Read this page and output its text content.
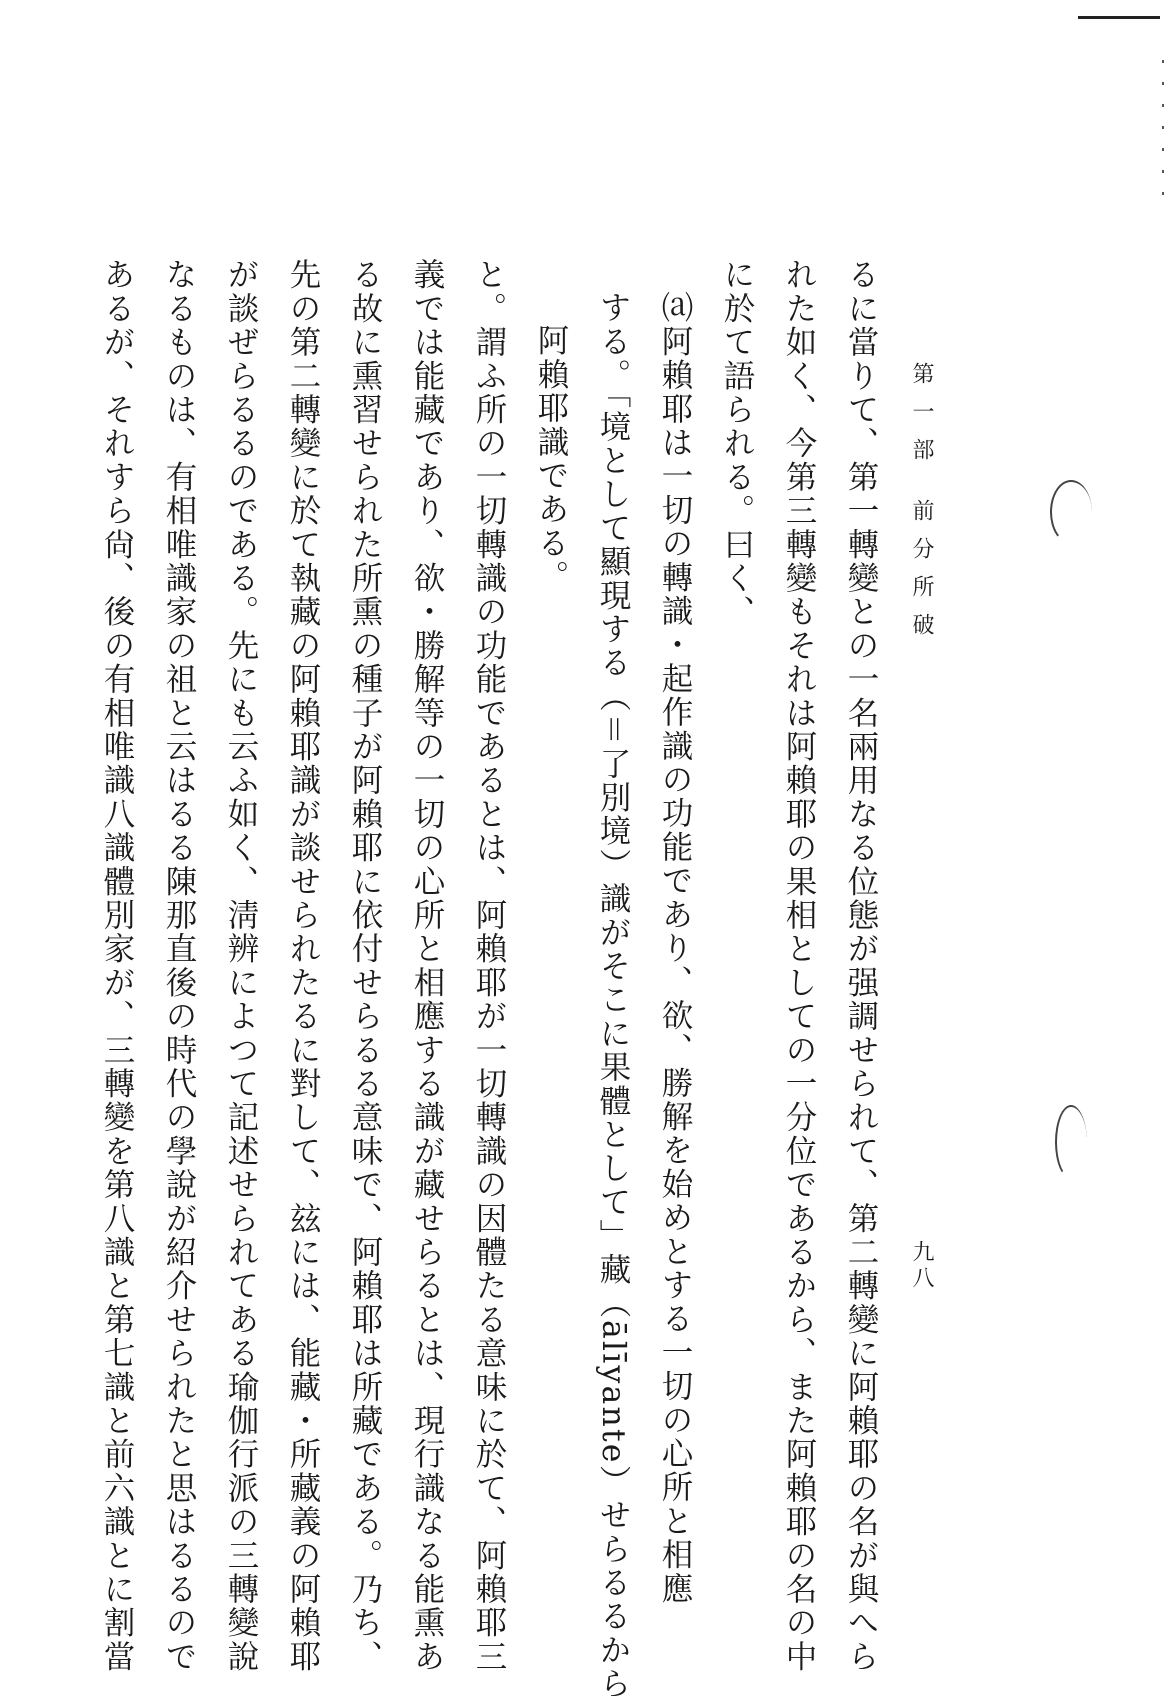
第一部 前分所破
九八
るに當りて、第一轉變との一名兩用なる位態が强調せられて、第二轉變に阿賴耶の名が與へら
れた如く、今第三轉變もそれは阿賴耶の果相としての一分位であるから、また阿賴耶の名の中
に於て語られる。曰く、
⒜阿賴耶は一切の轉識・起作識の功能であり、欲、勝解を始めとする一切の心所と相應
する。「境として顯現する（＝了別境）識がそこに果體として」藏（ālīyante）せらるるから
阿賴耶識である。
と。謂ふ所の一切轉識の功能であるとは、阿賴耶が一切轉識の因體たる意味に於て、阿賴耶三
義では能藏であり、欲・勝解等の一切の心所と相應する識が藏せらるとは、現行識なる能熏あ
る故に熏習せられた所熏の種子が阿賴耶に依付せらるる意味で、阿賴耶は所藏である。乃ち、
先の第二轉變に於て執藏の阿賴耶識が談せられたるに對して、玆には、能藏・所藏義の阿賴耶
が談ぜらるるのである。先にも云ふ如く、淸辨によつて記述せられてある瑜伽行派の三轉變說
なるものは、有相唯識家の祖と云はるる陳那直後の時代の學說が紹介せられたと思はるるので
あるが、それすら尙、後の有相唯識八識體別家が、三轉變を第八識と第七識と前六識とに割當
